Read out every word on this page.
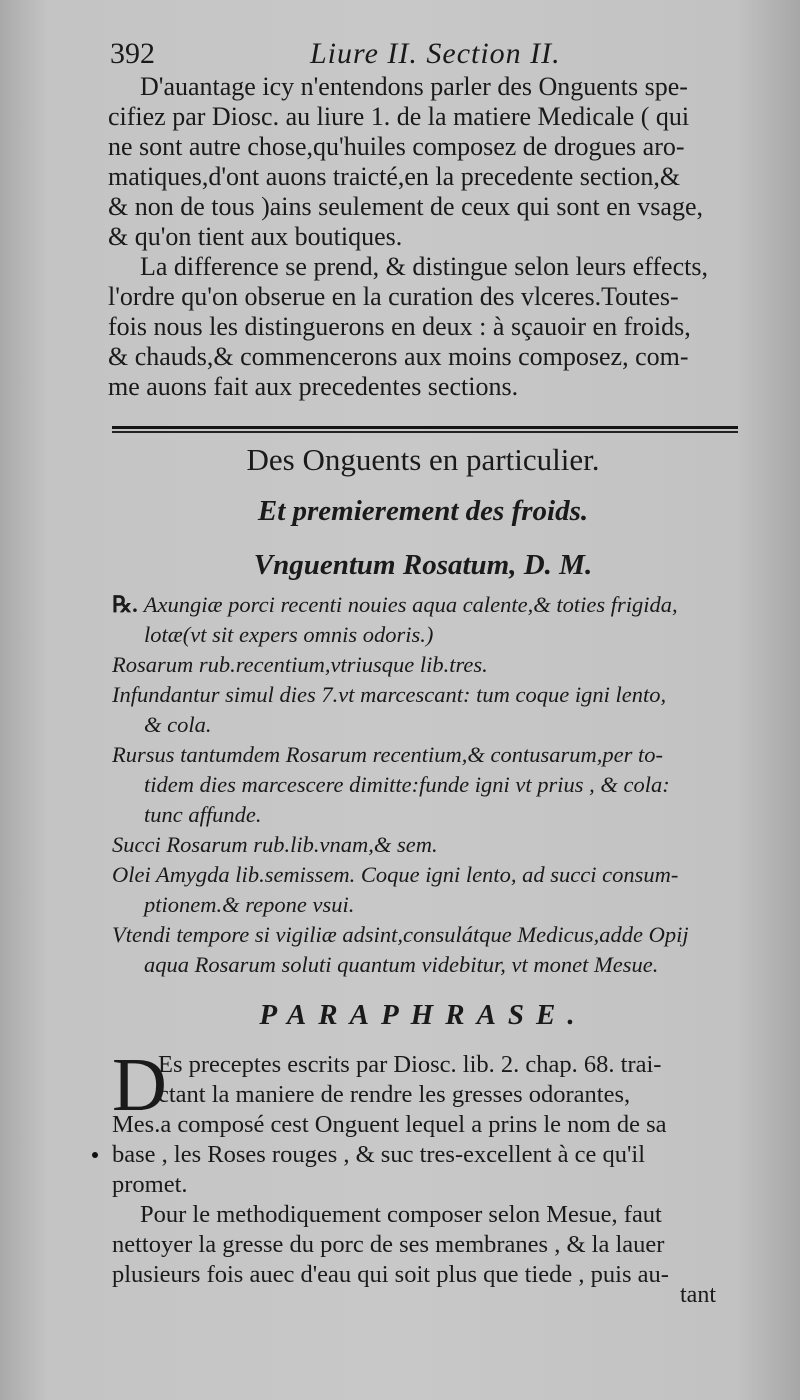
392	Liure II. Section II.
D'auantage icy n'entendons parler des Onguents spe-
cifiez par Diosc. au liure 1. de la matiere Medicale ( qui
ne sont autre chose,qu'huiles composez de drogues aro-
matiques,d'ont auons traicté,en la precedente section,&
& non de tous )ains seulement de ceux qui sont en vsage,
& qu'on tient aux boutiques.
La difference se prend, & distingue selon leurs effects,
l'ordre qu'on obserue en la curation des vlceres.Toutes-
fois nous les distinguerons en deux : à sçauoir en froids,
& chauds,& commencerons aux moins composez, com-
me auons fait aux precedentes sections.
Des Onguents en particulier.
Et premierement des froids.
Vnguentum Rosatum, D. M.
℞. Axungiæ porci recenti nouies aqua calente,& toties frigida,
lotæ(vt sit expers omnis odoris.)
Rosarum rub.recentium,vtriusque lib.tres.
Infundantur simul dies 7.vt marcescant: tum coque igni lento,
& cola.
Rursus tantumdem Rosarum recentium,& contusarum,per to-
tidem dies marcescere dimitte:funde igni vt prius , & cola:
tunc affunde.
Succi Rosarum rub.lib.vnam,& sem.
Olei Amygda lib.semissem. Coque igni lento, ad succi consum-
ptionem.& repone vsui.
Vtendi tempore si vigiliæ adsint,consulátque Medicus,adde Opij
aqua Rosarum soluti quantum videbitur, vt monet Mesue.
PARAPHRASE.
D
Es preceptes escrits par Diosc. lib. 2. chap. 68. trai-
ctant la maniere de rendre les gresses odorantes,
Mes.a composé cest Onguent lequel a prins le nom de sa
base , les Roses rouges , & suc tres-excellent à ce qu'il
promet.
Pour le methodiquement composer selon Mesue, faut
nettoyer la gresse du porc de ses membranes , & la lauer
plusieurs fois auec d'eau qui soit plus que tiede , puis au-
tant
